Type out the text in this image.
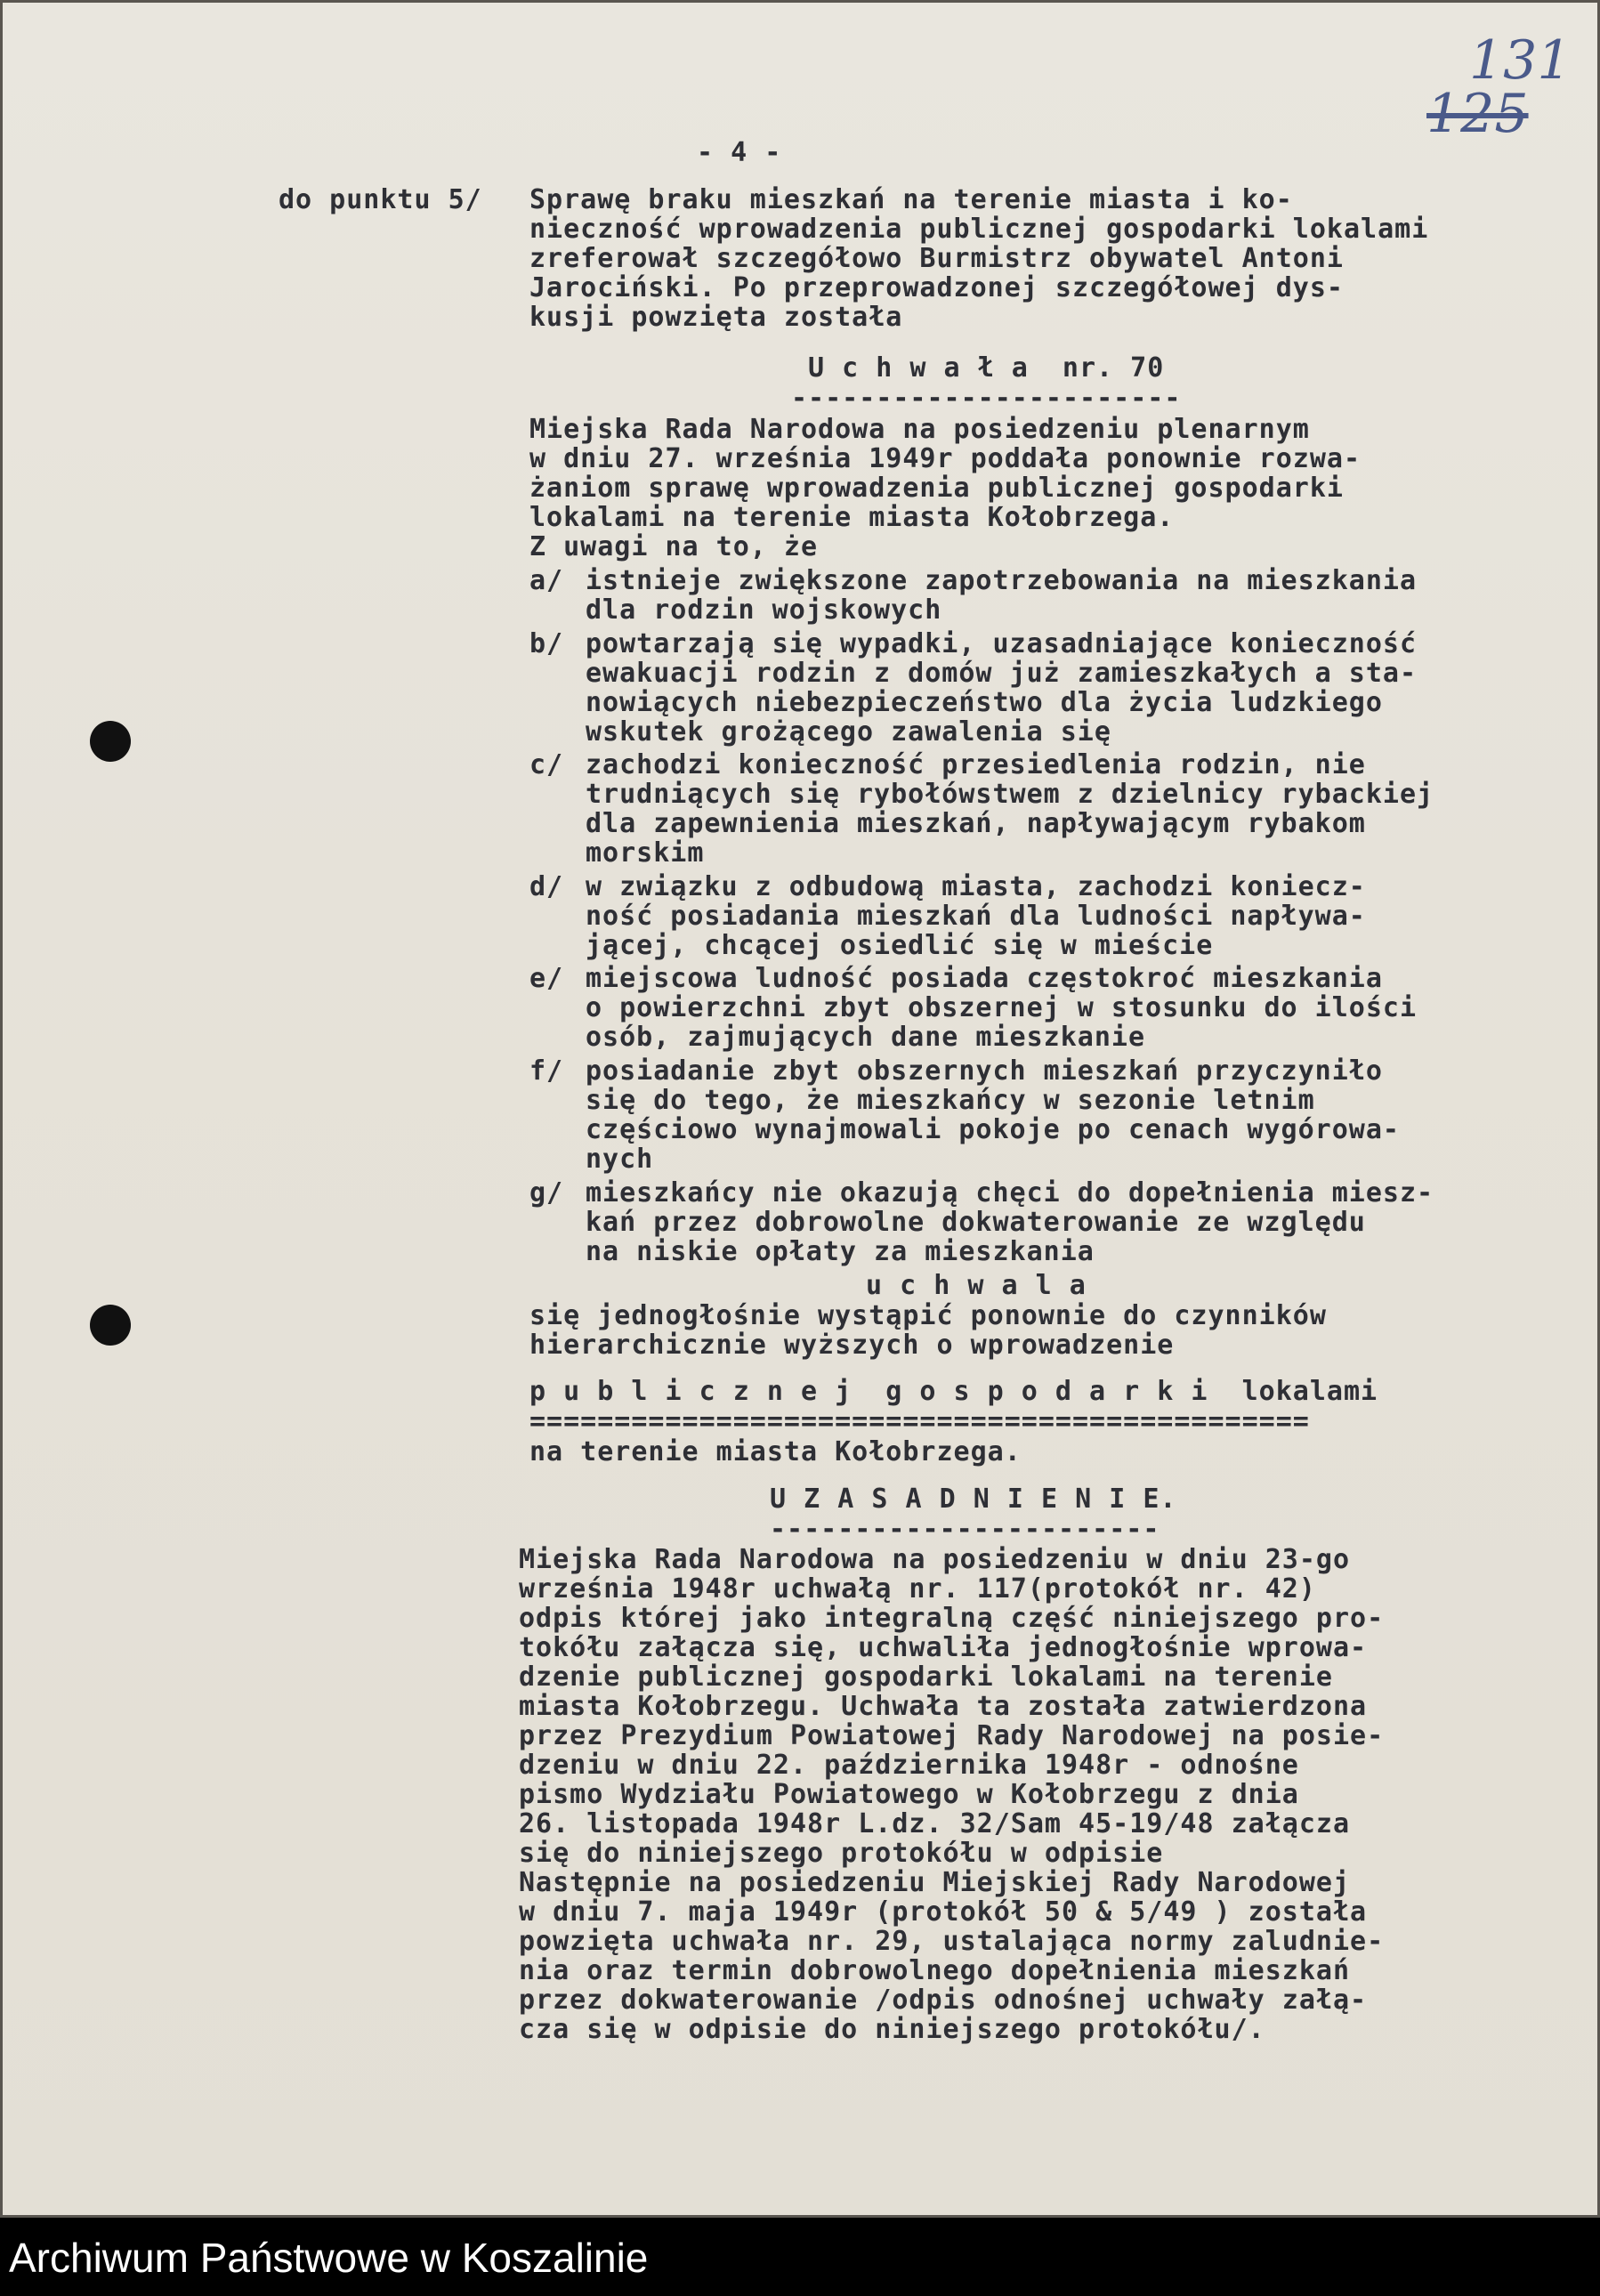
131
125
- 4 -
do punktu 5/ Sprawę braku mieszkań na terenie miasta i ko-
nieczność wprowadzenia publicznej gospodarki lokalami
zreferował szczegółowo Burmistrz obywatel Antoni
Jarociński. Po przeprowadzonej szczegółowej dys-
kusji powzięta została
U c h w a ł a  nr. 70
-----------------------
Miejska Rada Narodowa na posiedzeniu plenarnym
w dniu 27. września 1949r poddała ponownie rozwa-
żaniom sprawę wprowadzenia publicznej gospodarki
lokalami na terenie miasta Kołobrzega.
Z uwagi na to, że
a/ istnieje zwiększone zapotrzebowania na mieszkania
dla rodzin wojskowych
b/ powtarzają się wypadki, uzasadniające konieczność
ewakuacji rodzin z domów już zamieszkałych a sta-
nowiących niebezpieczeństwo dla życia ludzkiego
wskutek grożącego zawalenia się
c/ zachodzi konieczność przesiedlenia rodzin, nie
trudniących się rybołówstwem z dzielnicy rybackiej
dla zapewnienia mieszkań, napływającym rybakom
morskim
d/ w związku z odbudową miasta, zachodzi koniecz-
ność posiadania mieszkań dla ludności napływa-
jącej, chcącej osiedlić się w mieście
e/ miejscowa ludność posiada częstokroć mieszkania
o powierzchni zbyt obszernej w stosunku do ilości
osób, zajmujących dane mieszkanie
f/ posiadanie zbyt obszernych mieszkań przyczyniło
się do tego, że mieszkańcy w sezonie letnim
częściowo wynajmowali pokoje po cenach wygórowa-
nych
g/ mieszkańcy nie okazują chęci do dopełnienia miesz-
kań przez dobrowolne dokwaterowanie ze względu
na niskie opłaty za mieszkania
u c h w a l a
się jednogłośnie wystąpić ponownie do czynników
hierarchicznie wyższych o wprowadzenie
p u b l i c z n e j  g o s p o d a r k i  lokalami
==============================================
na terenie miasta Kołobrzega.
U Z A S A D N I E N I E.
-----------------------
Miejska Rada Narodowa na posiedzeniu w dniu 23-go
września 1948r uchwałą nr. 117(protokół nr. 42)
odpis której jako integralną część niniejszego pro-
tokółu załącza się, uchwaliła jednogłośnie wprowa-
dzenie publicznej gospodarki lokalami na terenie
miasta Kołobrzegu. Uchwała ta została zatwierdzona
przez Prezydium Powiatowej Rady Narodowej na posie-
dzeniu w dniu 22. października 1948r - odnośne
pismo Wydziału Powiatowego w Kołobrzegu z dnia
26. listopada 1948r L.dz. 32/Sam 45-19/48 załącza
się do niniejszego protokółu w odpisie
Następnie na posiedzeniu Miejskiej Rady Narodowej
w dniu 7. maja 1949r (protokół 50 & 5/49 ) została
powzięta uchwała nr. 29, ustalająca normy zaludnie-
nia oraz termin dobrowolnego dopełnienia mieszkań
przez dokwaterowanie /odpis odnośnej uchwały załą-
cza się w odpisie do niniejszego protokółu/.
Archiwum Państwowe w Koszalinie
